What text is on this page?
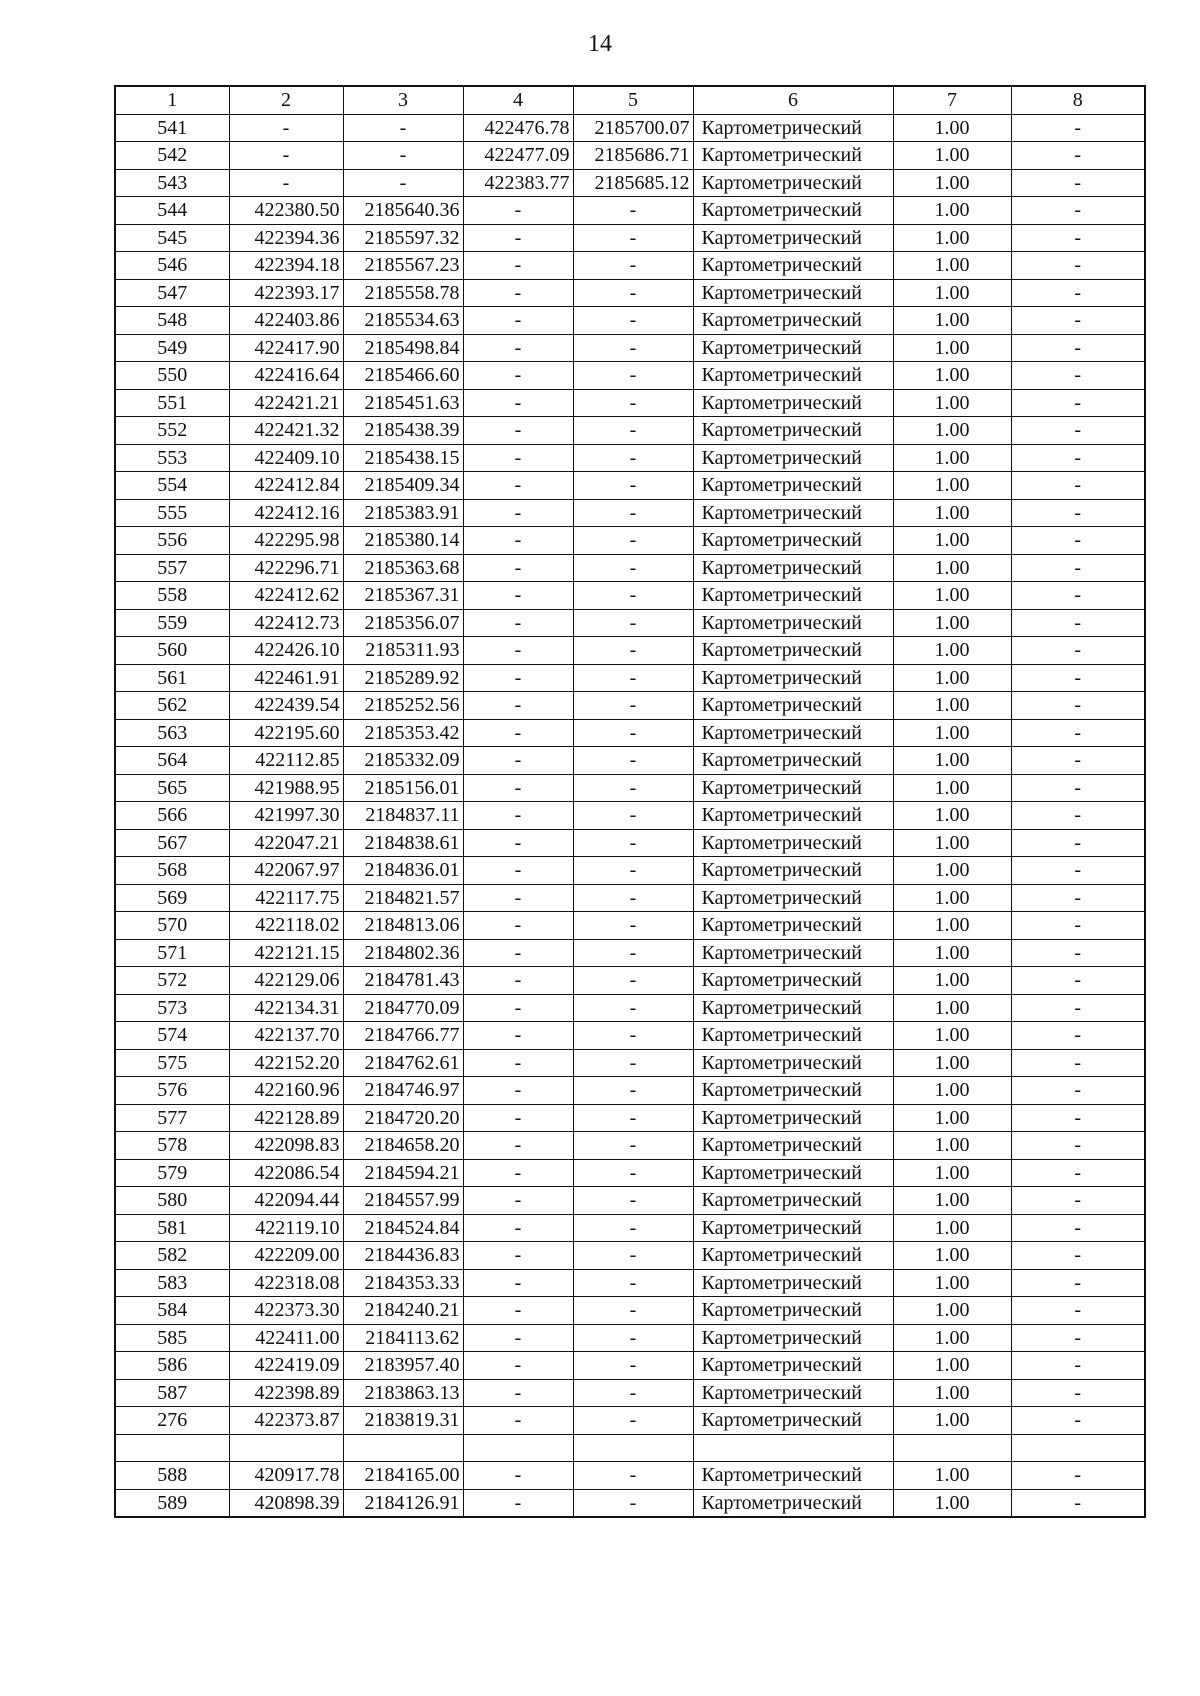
14
1	2	3	4	5	6	7	8
541	-	-	422476.78	2185700.07	Картометрический	1.00	-
542	-	-	422477.09	2185686.71	Картометрический	1.00	-
543	-	-	422383.77	2185685.12	Картометрический	1.00	-
544	422380.50	2185640.36	-	-	Картометрический	1.00	-
545	422394.36	2185597.32	-	-	Картометрический	1.00	-
546	422394.18	2185567.23	-	-	Картометрический	1.00	-
547	422393.17	2185558.78	-	-	Картометрический	1.00	-
548	422403.86	2185534.63	-	-	Картометрический	1.00	-
549	422417.90	2185498.84	-	-	Картометрический	1.00	-
550	422416.64	2185466.60	-	-	Картометрический	1.00	-
551	422421.21	2185451.63	-	-	Картометрический	1.00	-
552	422421.32	2185438.39	-	-	Картометрический	1.00	-
553	422409.10	2185438.15	-	-	Картометрический	1.00	-
554	422412.84	2185409.34	-	-	Картометрический	1.00	-
555	422412.16	2185383.91	-	-	Картометрический	1.00	-
556	422295.98	2185380.14	-	-	Картометрический	1.00	-
557	422296.71	2185363.68	-	-	Картометрический	1.00	-
558	422412.62	2185367.31	-	-	Картометрический	1.00	-
559	422412.73	2185356.07	-	-	Картометрический	1.00	-
560	422426.10	2185311.93	-	-	Картометрический	1.00	-
561	422461.91	2185289.92	-	-	Картометрический	1.00	-
562	422439.54	2185252.56	-	-	Картометрический	1.00	-
563	422195.60	2185353.42	-	-	Картометрический	1.00	-
564	422112.85	2185332.09	-	-	Картометрический	1.00	-
565	421988.95	2185156.01	-	-	Картометрический	1.00	-
566	421997.30	2184837.11	-	-	Картометрический	1.00	-
567	422047.21	2184838.61	-	-	Картометрический	1.00	-
568	422067.97	2184836.01	-	-	Картометрический	1.00	-
569	422117.75	2184821.57	-	-	Картометрический	1.00	-
570	422118.02	2184813.06	-	-	Картометрический	1.00	-
571	422121.15	2184802.36	-	-	Картометрический	1.00	-
572	422129.06	2184781.43	-	-	Картометрический	1.00	-
573	422134.31	2184770.09	-	-	Картометрический	1.00	-
574	422137.70	2184766.77	-	-	Картометрический	1.00	-
575	422152.20	2184762.61	-	-	Картометрический	1.00	-
576	422160.96	2184746.97	-	-	Картометрический	1.00	-
577	422128.89	2184720.20	-	-	Картометрический	1.00	-
578	422098.83	2184658.20	-	-	Картометрический	1.00	-
579	422086.54	2184594.21	-	-	Картометрический	1.00	-
580	422094.44	2184557.99	-	-	Картометрический	1.00	-
581	422119.10	2184524.84	-	-	Картометрический	1.00	-
582	422209.00	2184436.83	-	-	Картометрический	1.00	-
583	422318.08	2184353.33	-	-	Картометрический	1.00	-
584	422373.30	2184240.21	-	-	Картометрический	1.00	-
585	422411.00	2184113.62	-	-	Картометрический	1.00	-
586	422419.09	2183957.40	-	-	Картометрический	1.00	-
587	422398.89	2183863.13	-	-	Картометрический	1.00	-
276	422373.87	2183819.31	-	-	Картометрический	1.00	-

588	420917.78	2184165.00	-	-	Картометрический	1.00	-
589	420898.39	2184126.91	-	-	Картометрический	1.00	-
